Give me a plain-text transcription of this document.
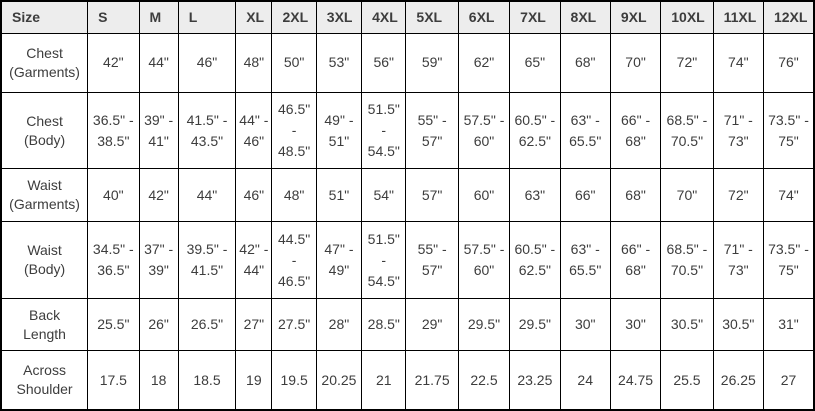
Size	S	M	L	XL	2XL	3XL	4XL	5XL	6XL	7XL	8XL	9XL	10XL	11XL	12XL
Chest (Garments)	42"	44"	46"	48"	50"	53"	56"	59"	62"	65"	68"	70"	72"	74"	76"
Chest (Body)	36.5" - 38.5"	39" - 41"	41.5" - 43.5"	44" - 46"	46.5" - 48.5"	49" - 51"	51.5" - 54.5"	55" - 57"	57.5" - 60"	60.5" - 62.5"	63" - 65.5"	66" - 68"	68.5" - 70.5"	71" - 73"	73.5" - 75"
Waist (Garments)	40"	42"	44"	46"	48"	51"	54"	57"	60"	63"	66"	68"	70"	72"	74"
Waist (Body)	34.5" - 36.5"	37" - 39"	39.5" - 41.5"	42" - 44"	44.5" - 46.5"	47" - 49"	51.5" - 54.5"	55" - 57"	57.5" - 60"	60.5" - 62.5"	63" - 65.5"	66" - 68"	68.5" - 70.5"	71" - 73"	73.5" - 75"
Back Length	25.5"	26"	26.5"	27"	27.5"	28"	28.5"	29"	29.5"	29.5"	30"	30"	30.5"	30.5"	31"
Across Shoulder	17.5	18	18.5	19	19.5	20.25	21	21.75	22.5	23.25	24	24.75	25.5	26.25	27
